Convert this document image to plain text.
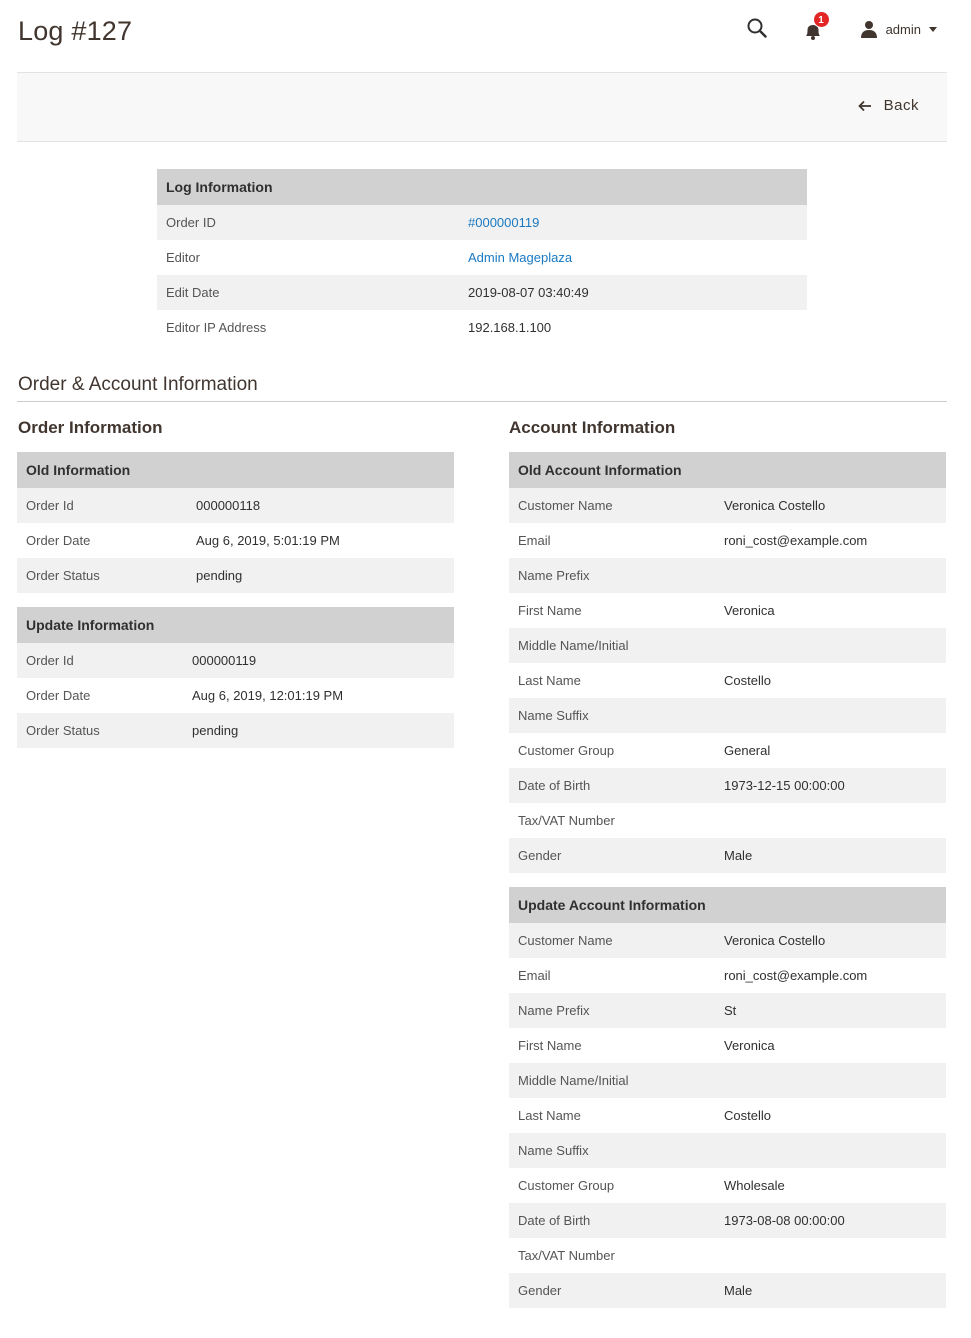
Log #127	1
admin
Back
Log Information	
Order ID	#000000119
Editor	Admin Mageplaza
Edit Date	2019-08-07 03:40:49
Editor IP Address	192.168.1.100
Order & Account Information
Order Information	Account Information
Old Information	
Order Id	000000118
Order Date	Aug 6, 2019, 5:01:19 PM
Order Status	pending
Update Information	
Order Id	000000119
Order Date	Aug 6, 2019, 12:01:19 PM
Order Status	pending
Old Account Information	
Customer Name	Veronica Costello
Email	roni_cost@example.com
Name Prefix	
First Name	Veronica
Middle Name/Initial	
Last Name	Costello
Name Suffix	
Customer Group	General
Date of Birth	1973-12-15 00:00:00
Tax/VAT Number	
Gender	Male
Update Account Information	
Customer Name	Veronica Costello
Email	roni_cost@example.com
Name Prefix	St
First Name	Veronica
Middle Name/Initial	
Last Name	Costello
Name Suffix	
Customer Group	Wholesale
Date of Birth	1973-08-08 00:00:00
Tax/VAT Number	
Gender	Male
